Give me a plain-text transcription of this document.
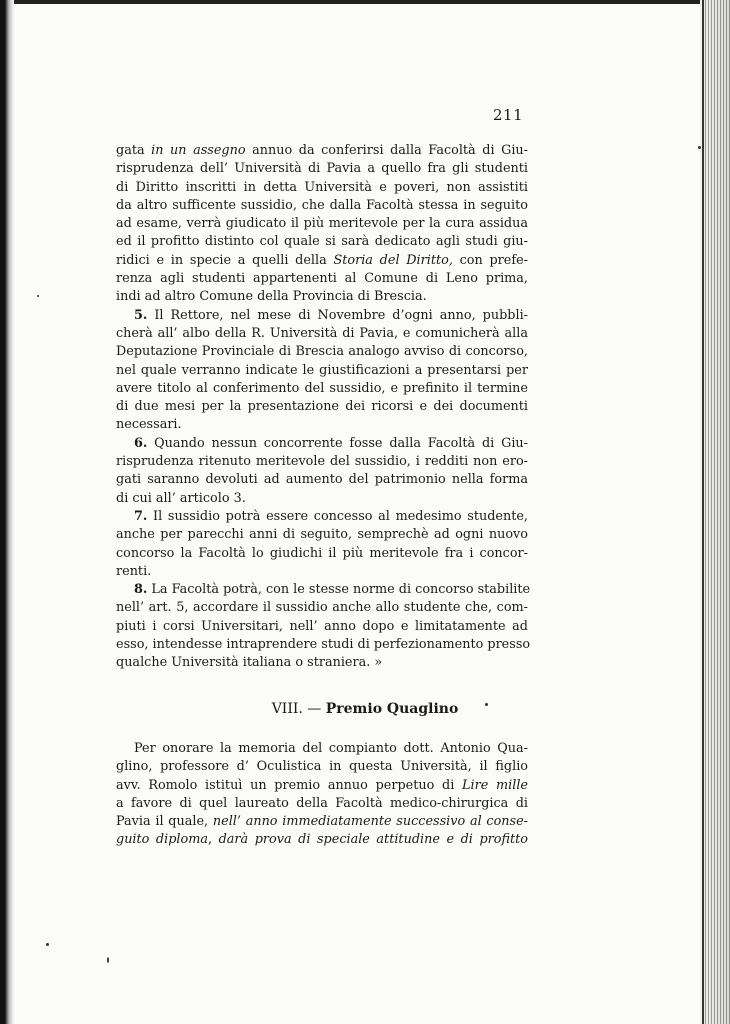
211
gata in un assegno annuo da conferirsi dalla Facoltà di Giu-
risprudenza dell’ Università di Pavia a quello fra gli studenti
di Diritto inscritti in detta Università e poveri, non assistiti
da altro sufficente sussidio, che dalla Facoltà stessa in seguito
ad esame, verrà giudicato il più meritevole per la cura assidua
ed il profitto distinto col quale si sarà dedicato agli studi giu-
ridici e in specie a quelli della Storia del Diritto, con prefe-
renza agli studenti appartenenti al Comune di Leno prima,
indi ad altro Comune della Provincia di Brescia.
5. Il Rettore, nel mese di Novembre d’ogni anno, pubbli-
cherà all’ albo della R. Università di Pavia, e comunicherà alla
Deputazione Provinciale di Brescia analogo avviso di concorso,
nel quale verranno indicate le giustificazioni a presentarsi per
avere titolo al conferimento del sussidio, e prefinito il termine
di due mesi per la presentazione dei ricorsi e dei documenti
necessari.
6. Quando nessun concorrente fosse dalla Facoltà di Giu-
risprudenza ritenuto meritevole del sussidio, i redditi non ero-
gati saranno devoluti ad aumento del patrimonio nella forma
di cui all’ articolo 3.
7. Il sussidio potrà essere concesso al medesimo studente,
anche per parecchi anni di seguito, semprechè ad ogni nuovo
concorso la Facoltà lo giudichi il più meritevole fra i concor-
renti.
8. La Facoltà potrà, con le stesse norme di concorso stabilite
nell’ art. 5, accordare il sussidio anche allo studente che, com-
piuti i corsi Universitari, nell’ anno dopo e limitatamente ad
esso, intendesse intraprendere studi di perfezionamento presso
qualche Università italiana o straniera. »
VIII. — Premio Quaglino
Per onorare la memoria del compianto dott. Antonio Qua-
glino, professore d’ Oculistica in questa Università, il figlio
avv. Romolo istituì un premio annuo perpetuo di Lire mille
a favore di quel laureato della Facoltà medico-chirurgica di
Pavia il quale, nell’ anno immediatamente successivo al conse-
guito diploma, darà prova di speciale attitudine e di profitto
